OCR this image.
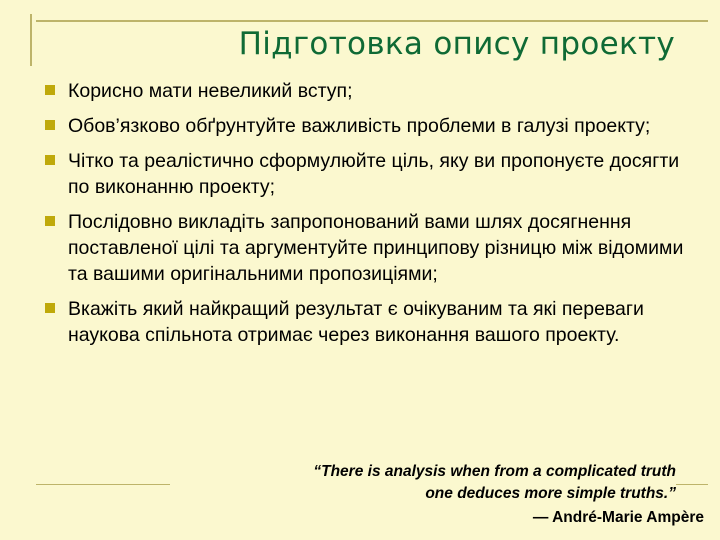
Підготовка опису проекту
Корисно мати невеликий вступ;
Обов’язково обґрунтуйте важливість проблеми в галузі проекту;
Чітко та реалістично сформулюйте ціль, яку ви пропонуєте досягти по виконанню проекту;
Послідовно викладіть запропонований вами шлях досягнення поставленої цілі та аргументуйте принципову різницю між відомими та вашими оригінальними пропозиціями;
Вкажіть який найкращий результат є очікуваним та які переваги наукова спільнота отримає через виконання вашого проекту.
“There is analysis when from a complicated truth
one deduces more simple truths.”
— André-Marie Ampère
